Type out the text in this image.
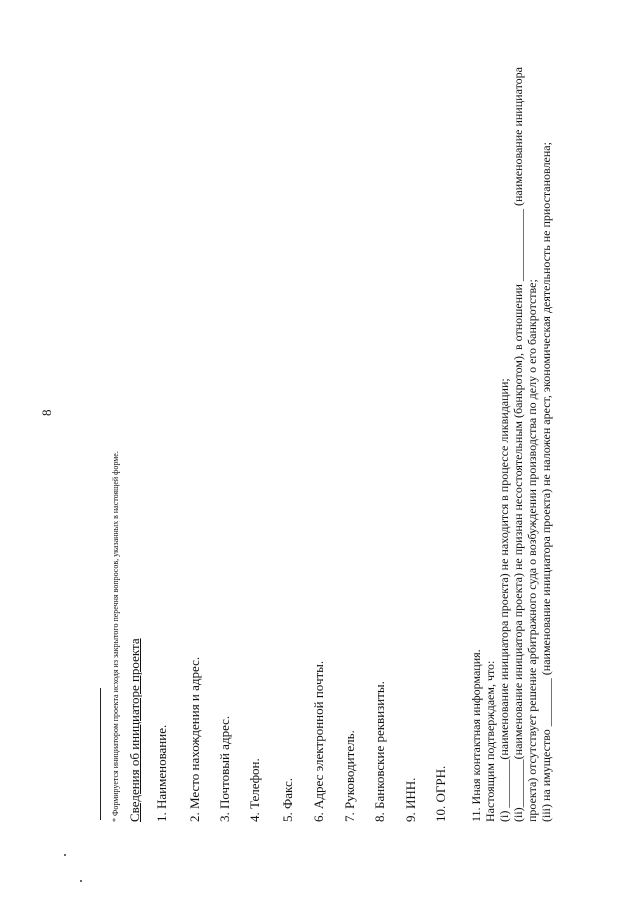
8
* Формируется инициатором проекта исходя из закрытого перечня вопросов, указанных в настоящей форме. Сведения об инициаторе проекта 1. Наименование. 2. Место нахождения и адрес. 3. Почтовый адрес. 4. Телефон. 5. Факс. 6. Адрес электронной почты. 7. Руководитель. 8. Банковские реквизиты. 9. ИНН. 10. ОГРН. 11. Иная контактная информация. Настоящим подтверждаем, что: (i) ________(наименование инициатора проекта) не находится в процессе ликвидации; (ii)________(наименование инициатора проекта) не признан несостоятельным (банкротом), в отношении ____________ (наименование инициатора проекта) отсутствует решение арбитражного суда о возбуждении производства по делу о его банкротстве; (iii) на имущество ________ (наименование инициатора проекта) не наложен арест, экономическая деятельность не приостановлена;
